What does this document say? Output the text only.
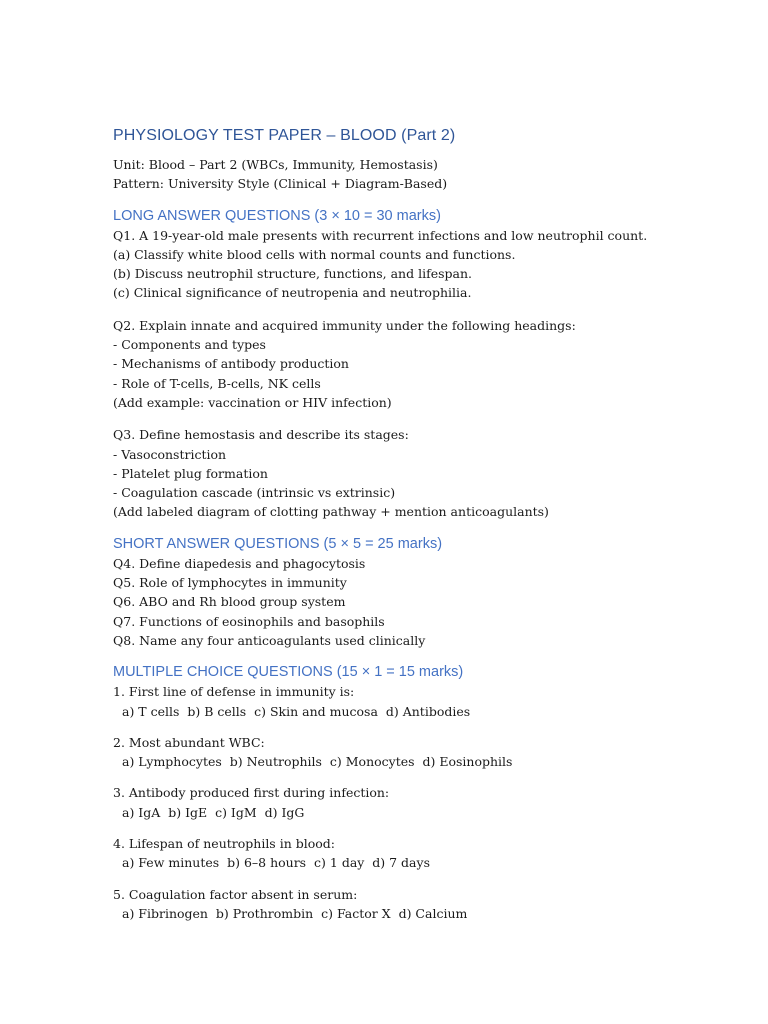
PHYSIOLOGY TEST PAPER – BLOOD (Part 2)

Unit: Blood – Part 2 (WBCs, Immunity, Hemostasis)

Pattern: University Style (Clinical + Diagram-Based)

LONG ANSWER QUESTIONS (3 × 10 = 30 marks)

Q1. A 19-year-old male presents with recurrent infections and low neutrophil count.

(a) Classify white blood cells with normal counts and functions.

(b) Discuss neutrophil structure, functions, and lifespan.

(c) Clinical significance of neutropenia and neutrophilia.

Q2. Explain innate and acquired immunity under the following headings:

- Components and types

- Mechanisms of antibody production

- Role of T-cells, B-cells, NK cells

(Add example: vaccination or HIV infection)

Q3. Define hemostasis and describe its stages:

- Vasoconstriction

- Platelet plug formation

- Coagulation cascade (intrinsic vs extrinsic)

(Add labeled diagram of clotting pathway + mention anticoagulants)

SHORT ANSWER QUESTIONS (5 × 5 = 25 marks)

Q4. Define diapedesis and phagocytosis

Q5. Role of lymphocytes in immunity

Q6. ABO and Rh blood group system

Q7. Functions of eosinophils and basophils

Q8. Name any four anticoagulants used clinically

MULTIPLE CHOICE QUESTIONS (15 × 1 = 15 marks)

1. First line of defense in immunity is:

a) T cells  b) B cells  c) Skin and mucosa  d) Antibodies

2. Most abundant WBC:

a) Lymphocytes  b) Neutrophils  c) Monocytes  d) Eosinophils

3. Antibody produced first during infection:

a) IgA  b) IgE  c) IgM  d) IgG

4. Lifespan of neutrophils in blood:

a) Few minutes  b) 6–8 hours  c) 1 day  d) 7 days

5. Coagulation factor absent in serum:

a) Fibrinogen  b) Prothrombin  c) Factor X  d) Calcium
